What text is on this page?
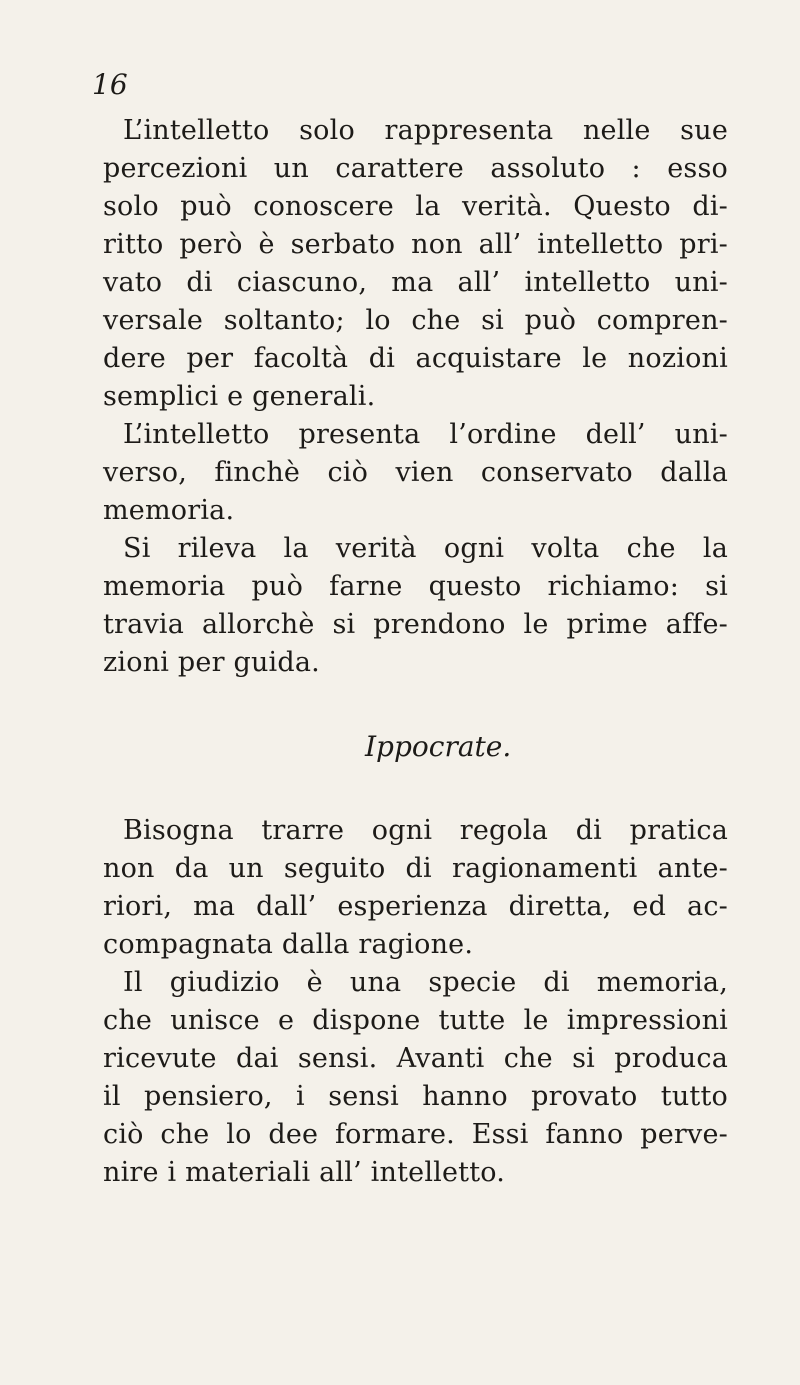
16
L’intelletto solo rappresenta nelle sue
percezioni un carattere assoluto : esso
solo può conoscere la verità. Questo di-
ritto però è serbato non all’ intelletto pri-
vato di ciascuno, ma all’ intelletto uni-
versale soltanto; lo che si può compren-
dere per facoltà di acquistare le nozioni
semplici e generali.
L’intelletto presenta l’ordine dell’ uni-
verso, finchè ciò vien conservato dalla
memoria.
Si rileva la verità ogni volta che la
memoria può farne questo richiamo: si
travia allorchè si prendono le prime affe-
zioni per guida.
Ippocrate.
Bisogna trarre ogni regola di pratica
non da un seguito di ragionamenti ante-
riori, ma dall’ esperienza diretta, ed ac-
compagnata dalla ragione.
Il giudizio è una specie di memoria,
che unisce e dispone tutte le impressioni
ricevute dai sensi. Avanti che si produca
il pensiero, i sensi hanno provato tutto
ciò che lo dee formare. Essi fanno perve-
nire i materiali all’ intelletto.
